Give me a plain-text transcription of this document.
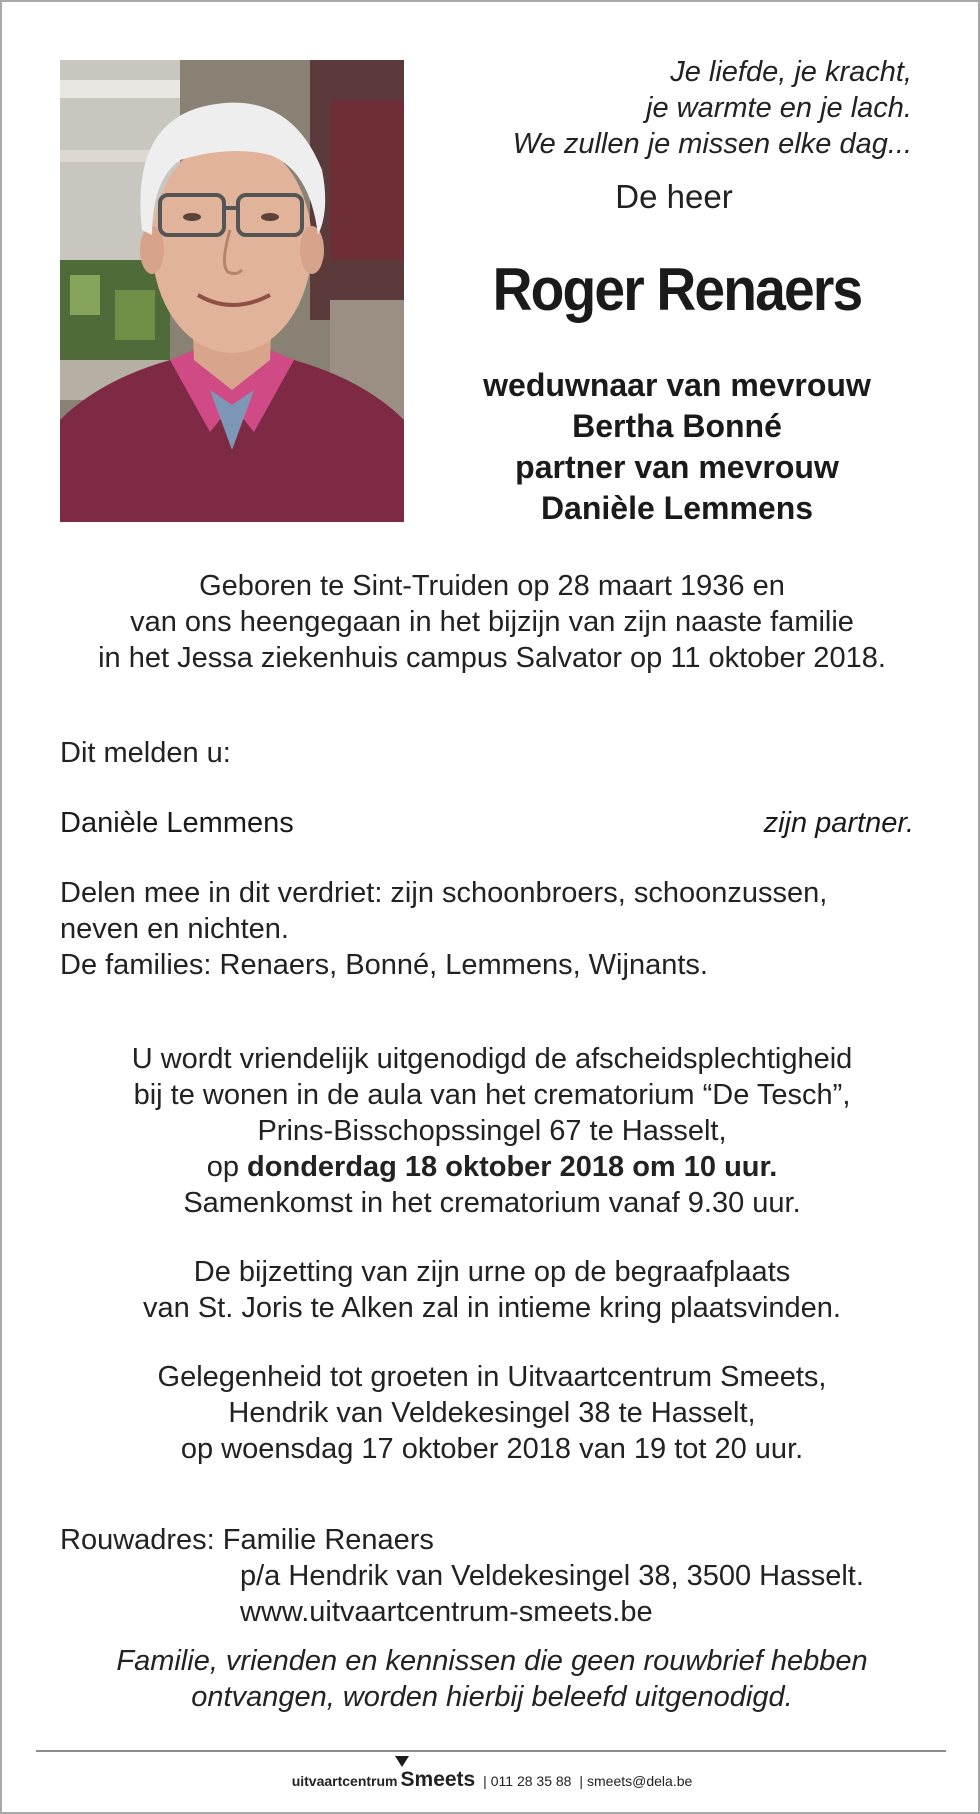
Je liefde, je kracht,
je warmte en je lach.
We zullen je missen elke dag...
De heer
Roger Renaers
weduwnaar van mevrouw
Bertha Bonné
partner van mevrouw
Danièle Lemmens
Geboren te Sint-Truiden op 28 maart 1936 en
van ons heengegaan in het bijzijn van zijn naaste familie
in het Jessa ziekenhuis campus Salvator op 11 oktober 2018.
Dit melden u:
Danièle Lemmens	zijn partner.
Delen mee in dit verdriet: zijn schoonbroers, schoonzussen,
neven en nichten.
De families: Renaers, Bonné, Lemmens, Wijnants.
U wordt vriendelijk uitgenodigd de afscheidsplechtigheid
bij te wonen in de aula van het crematorium “De Tesch”,
Prins-Bisschopssingel 67 te Hasselt,
op donderdag 18 oktober 2018 om 10 uur.
Samenkomst in het crematorium vanaf 9.30 uur.
De bijzetting van zijn urne op de begraafplaats
van St. Joris te Alken zal in intieme kring plaatsvinden.
Gelegenheid tot groeten in Uitvaartcentrum Smeets,
Hendrik van Veldekesingel 38 te Hasselt,
op woensdag 17 oktober 2018 van 19 tot 20 uur.
Rouwadres: Familie Renaers
p/a Hendrik van Veldekesingel 38, 3500 Hasselt.
www.uitvaartcentrum-smeets.be
Familie, vrienden en kennissen die geen rouwbrief hebben
ontvangen, worden hierbij beleefd uitgenodigd.
uitvaartcentrum Smeets | 011 28 35 88 | smeets@dela.be
